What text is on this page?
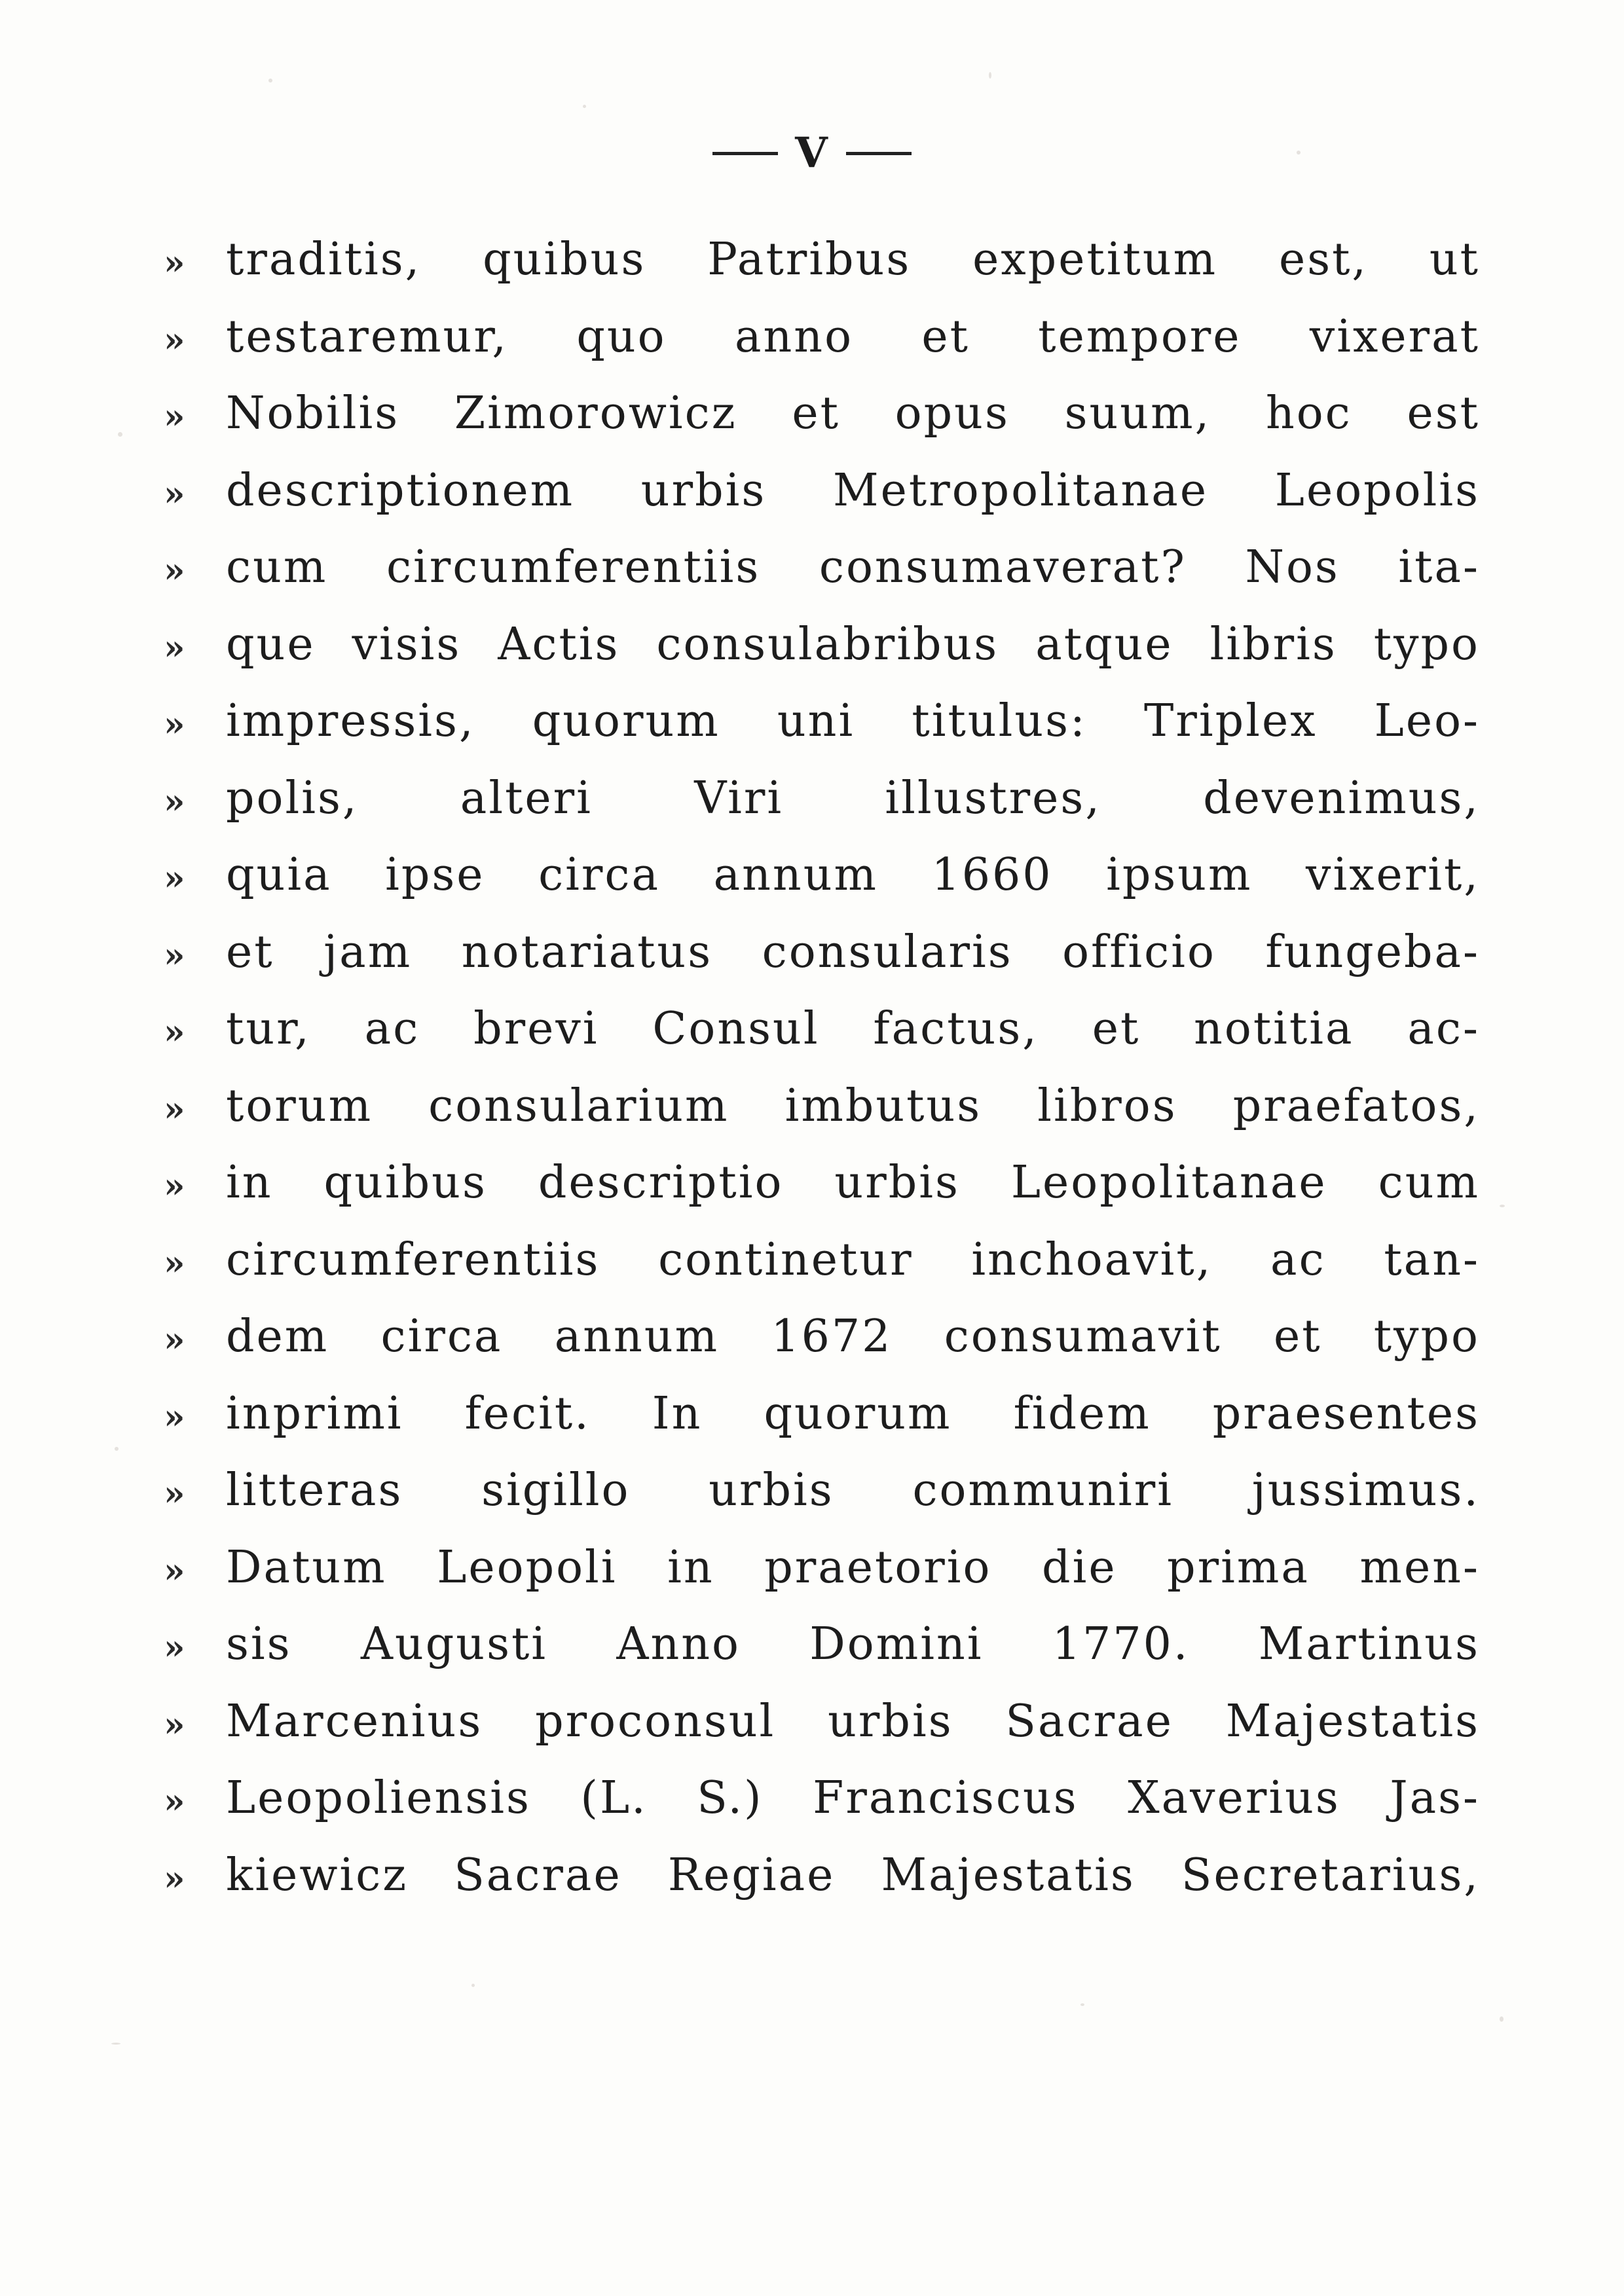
V
» traditis, quibus Patribus expetitum est, ut
» testaremur, quo anno et tempore vixerat
» Nobilis Zimorowicz et opus suum, hoc est
» descriptionem urbis Metropolitanae Leopolis
» cum circumferentiis consumaverat? Nos ita-
» que visis Actis consulabribus atque libris typo
» impressis, quorum uni titulus: Triplex Leo-
» polis, alteri Viri illustres, devenimus,
» quia ipse circa annum 1660 ipsum vixerit,
» et jam notariatus consularis officio fungeba-
» tur, ac brevi Consul factus, et notitia ac-
» torum consularium imbutus libros praefatos,
» in quibus descriptio urbis Leopolitanae cum
» circumferentiis continetur inchoavit, ac tan-
» dem circa annum 1672 consumavit et typo
» inprimi fecit. In quorum fidem praesentes
» litteras sigillo urbis communiri jussimus.
» Datum Leopoli in praetorio die prima men-
» sis Augusti Anno Domini 1770. Martinus
» Marcenius proconsul urbis Sacrae Majestatis
» Leopoliensis (L. S.) Franciscus Xaverius Jas-
» kiewicz Sacrae Regiae Majestatis Secretarius,
